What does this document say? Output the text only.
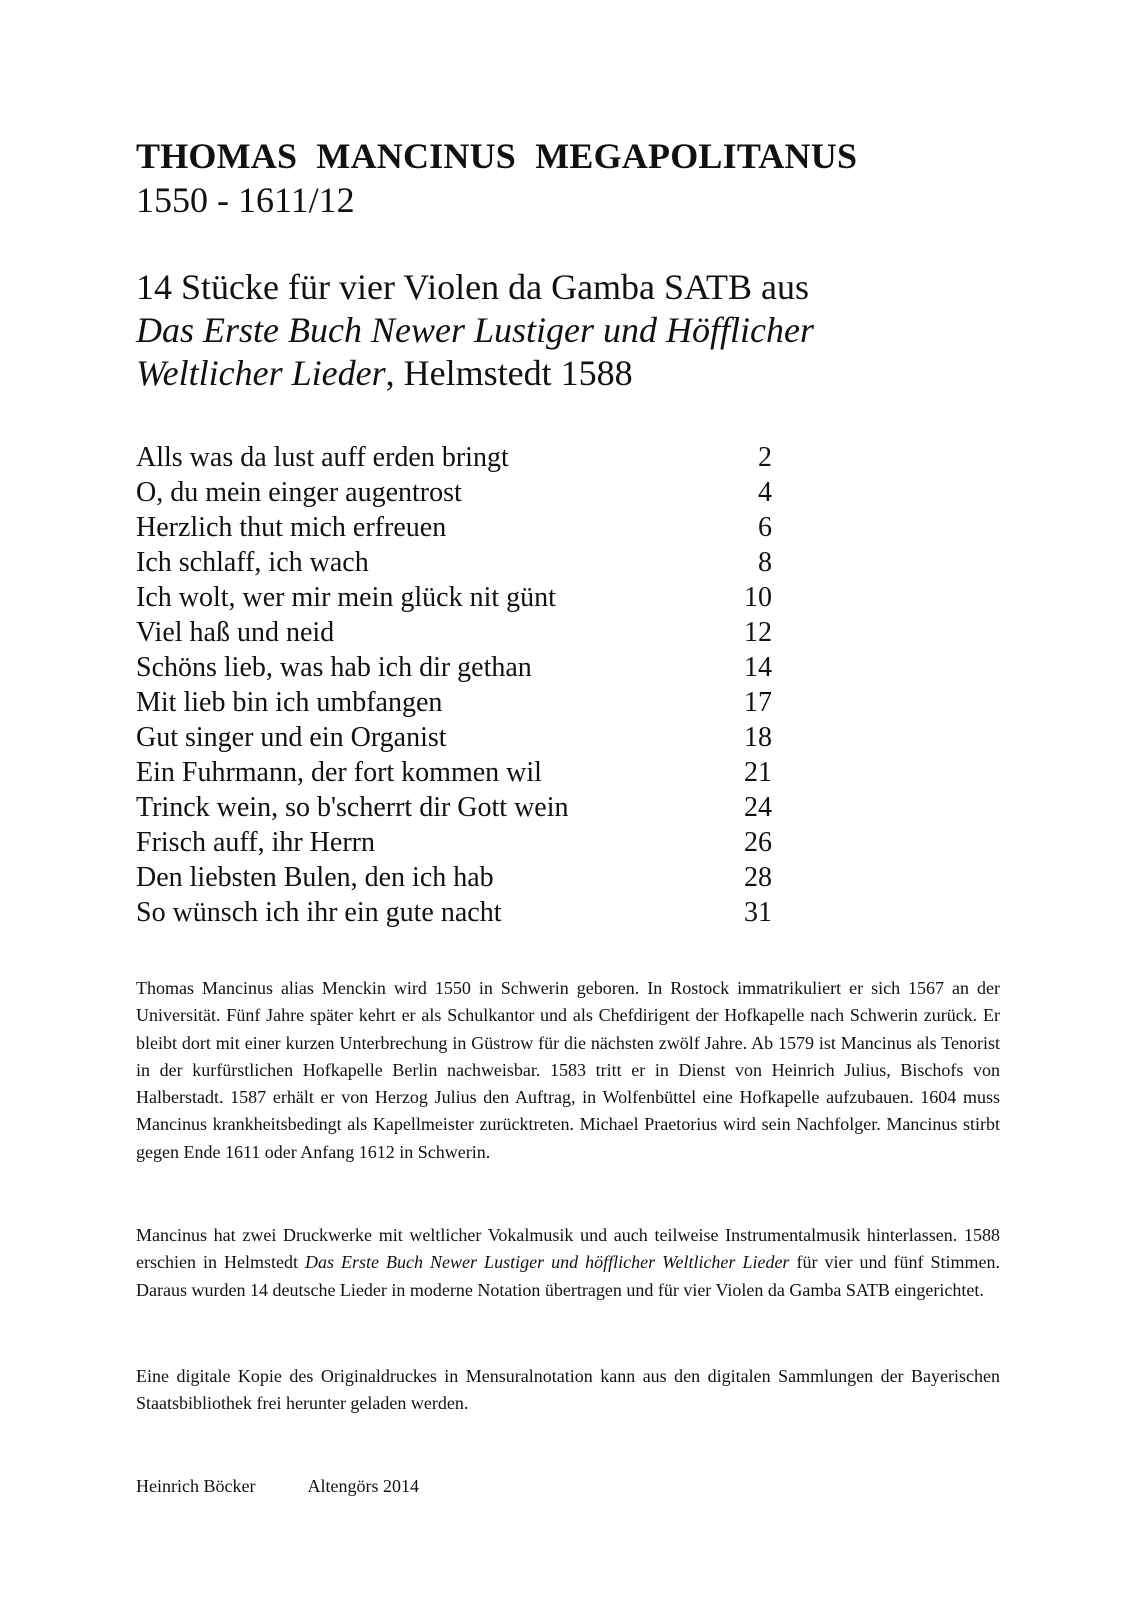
THOMAS MANCINUS MEGAPOLITANUS
1550 - 1611/12
14 Stücke für vier Violen da Gamba SATB aus
Das Erste Buch Newer Lustiger und Höfflicher
Weltlicher Lieder, Helmstedt 1588
Alls was da lust auff erden bringt	2
O, du mein einger augentrost	4
Herzlich thut mich erfreuen	6
Ich schlaff, ich wach	8
Ich wolt, wer mir mein glück nit günt	10
Viel haß und neid	12
Schöns lieb, was hab ich dir gethan	14
Mit lieb bin ich umbfangen	17
Gut singer und ein Organist	18
Ein Fuhrmann, der fort kommen wil	21
Trinck wein, so b'scherrt dir Gott wein	24
Frisch auff, ihr Herrn	26
Den liebsten Bulen, den ich hab	28
So wünsch ich ihr ein gute nacht	31

Thomas Mancinus alias Menckin wird 1550 in Schwerin geboren. In Rostock immatrikuliert er sich 1567 an der Universität. Fünf Jahre später kehrt er als Schulkantor und als Chefdirigent der Hofkapelle nach Schwerin zurück. Er bleibt dort mit einer kurzen Unterbrechung in Güstrow für die nächsten zwölf Jahre. Ab 1579 ist Mancinus als Tenorist in der kurfürstlichen Hofkapelle Berlin nachweisbar. 1583 tritt er in Dienst von Heinrich Julius, Bischofs von Halberstadt. 1587 erhält er von Herzog Julius den Auftrag, in Wolfenbüttel eine Hofkapelle aufzubauen. 1604 muss Mancinus krankheitsbedingt als Kapellmeister zurücktreten. Michael Praetorius wird sein Nachfolger. Mancinus stirbt gegen Ende 1611 oder Anfang 1612 in Schwerin.

Mancinus hat zwei Druckwerke mit weltlicher Vokalmusik und auch teilweise Instrumentalmusik hinterlassen. 1588 erschien in Helmstedt Das Erste Buch Newer Lustiger und höfflicher Weltlicher Lieder für vier und fünf Stimmen. Daraus wurden 14 deutsche Lieder in moderne Notation übertragen und für vier Violen da Gamba SATB eingerichtet.

Eine digitale Kopie des Originaldruckes in Mensuralnotation kann aus den digitalen Sammlungen der Bayerischen Staatsbibliothek frei herunter geladen werden.

Heinrich Böcker	Altengörs 2014
